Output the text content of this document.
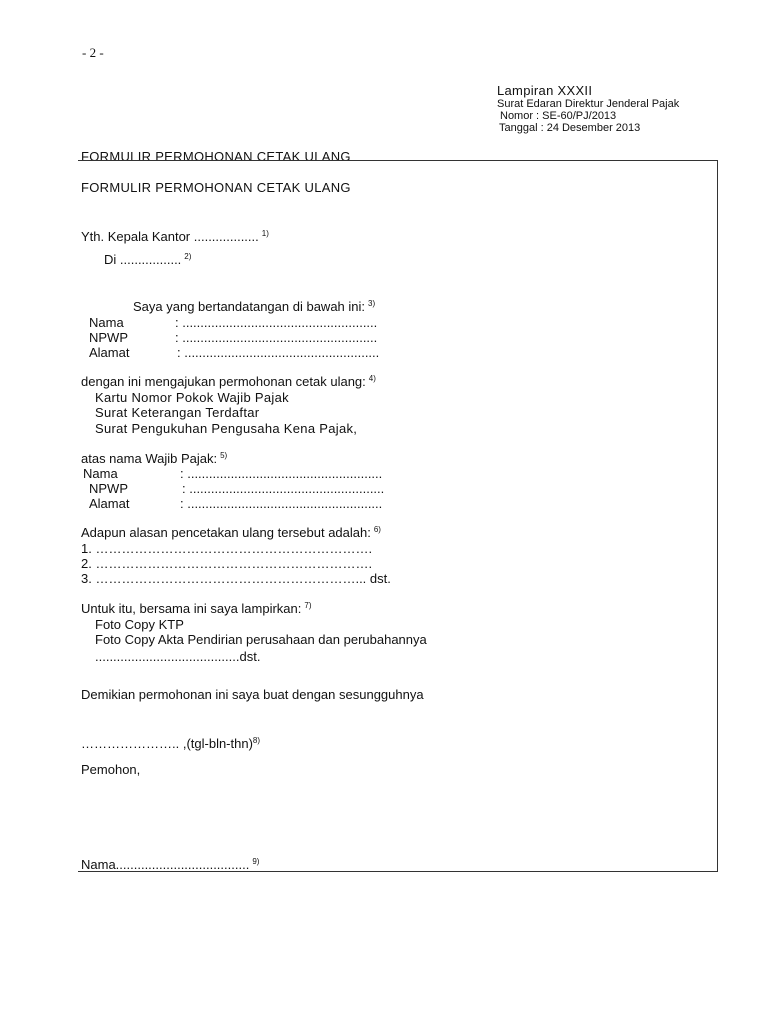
- 2 -
Lampiran XXXII
Surat Edaran Direktur Jenderal Pajak
Nomor : SE-60/PJ/2013
Tanggal : 24 Desember 2013
FORMULIR PERMOHONAN CETAK ULANG
FORMULIR PERMOHONAN CETAK ULANG
Yth. Kepala Kantor .................. $^{1)}$
Di ................. $^{2)}$
Saya yang bertandatangan di bawah ini: $^{3)}$
Nama	: ......................................................
NPWP	: ......................................................
Alamat	: ......................................................
dengan ini mengajukan permohonan cetak ulang: $^{4)}$
Kartu Nomor Pokok Wajib Pajak
Surat Keterangan Terdaftar
Surat Pengukuhan Pengusaha Kena Pajak,
atas nama Wajib Pajak: $^{5)}$
Nama	: ......................................................
NPWP	: ......................................................
Alamat	: ......................................................
Adapun alasan pencetakan ulang tersebut adalah: $^{6)}$
1. ……………………………………………………….
2. ……………………………………………………….
3. ……………………………………………………... dst.
Untuk itu, bersama ini saya lampirkan: $^{7)}$
Foto Copy KTP
Foto Copy Akta Pendirian perusahaan dan perubahannya
........................................dst.
Demikian permohonan ini saya buat dengan sesungguhnya
………………….. $,(tgl-bln-thn)^{8)}$
Pemohon,
Nama..................................... $^{9)}$
